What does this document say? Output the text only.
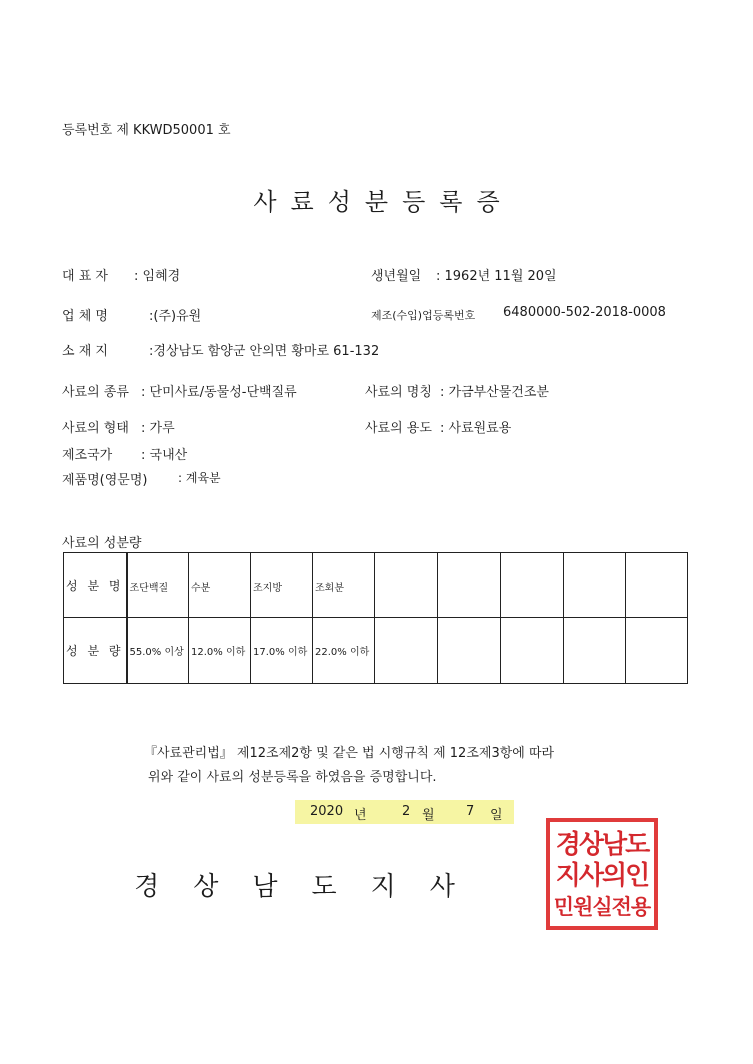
등록번호 제 KKWD50001 호
사료성분등록증
대 표 자 : 임혜경	생년월일 : 1962년 11월 20일
업 체 명	:(주)유원	제조(수입)업등록번호 6480000-502-2018-0008
소 재 지	:경상남도 함양군 안의면 황마로 61-132
사료의 종류 : 단미사료/동물성-단백질류	사료의 명칭 : 가금부산물건조분
사료의 형태 : 가루	사료의 용도 : 사료원료용
제조국가 : 국내산
제품명(영문명)	: 계육분
사료의 성분량
성 분 명	조단백질	수분	조지방	조회분					
성 분 량	55.0% 이상	12.0% 이하	17.0% 이하	22.0% 이하					
『사료관리법』 제12조제2항 및 같은 법 시행규칙 제 12조제3항에 따라
위와 같이 사료의 성분등록을 하였음을 증명합니다.
2020 년	2 월 7 일
경상남도지사
경상남도
지사의인
민원실전용
